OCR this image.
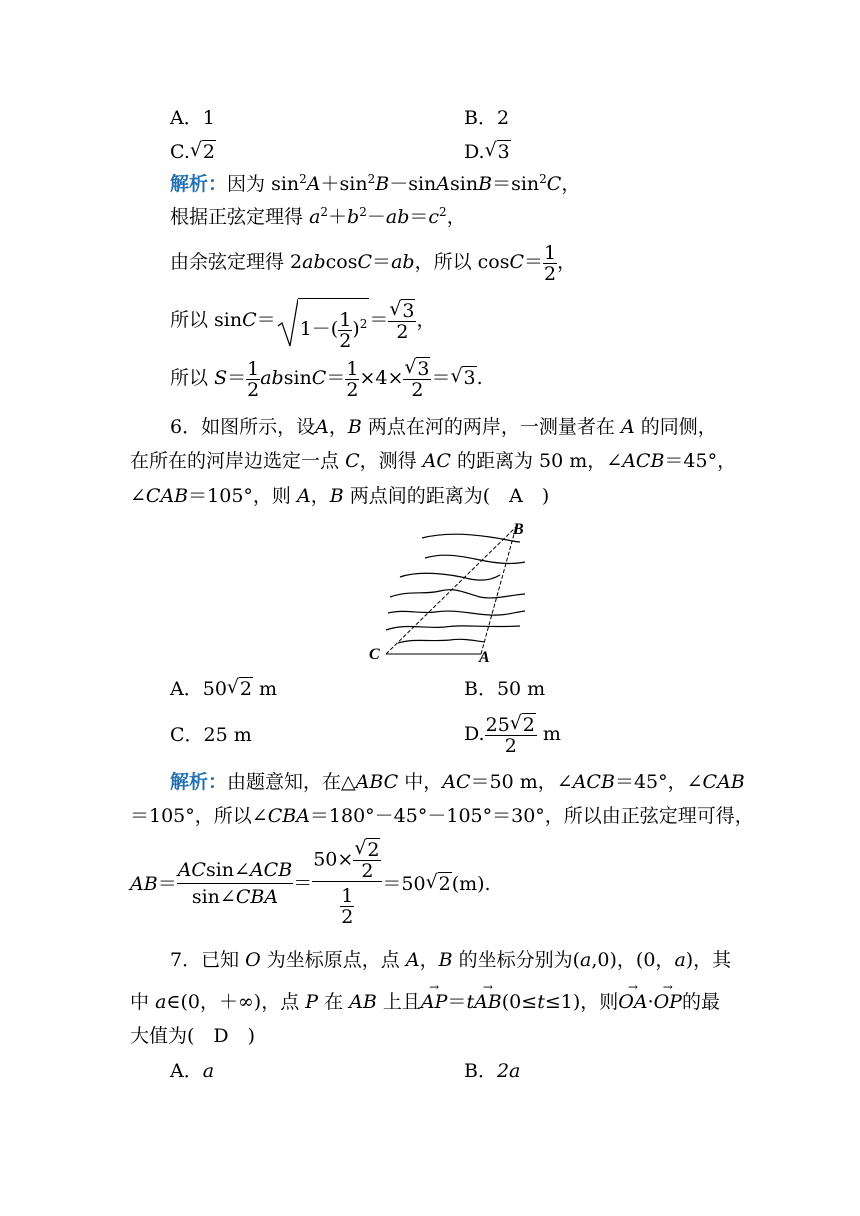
A．1	B．2
C.√ 2	D.√ 3
解析：因为 $\sin^2A+\sin^2B-sinAsinB=\sin^2C$，
根据正弦定理得 $a^2+b^2-ab=c^2$，
由余弦定理得 2abcosC＝ab，所以 $\cos C= \frac{1}{2}$ ，
所以 $\sin C= 1-( \frac{1}{2} )^2$ ＝
√ $\frac{3}{2}$ ，
所以 $S= \frac{1}{2} absinC= \frac{1}{2} \times 4\times$
√ $\frac{3}{2}$ ＝√ 3.
6．如图所示，设A，B 两点在河的两岸，一测量者在 A 的同侧，
在所在的河岸边选定一点 C，测得 AC 的距离为 50 m，∠ACB＝45°，
∠CAB＝105°，则 A，B 两点间的距离为(　A　)
B
C	A
A．50√ 2 m	B．50 m
C．25 m	D. $\frac{25√ 2}{2}$ m
解析：由题意知，在△ABC 中，AC＝50 m，∠ACB＝45°，∠CAB
＝105°，所以∠CBA＝180°－45°－105°＝30°，所以由正弦定理可得，
$AB= \frac{\text{ACsin∠ACB}}{\text{sin∠CBA}} = 50\times$
√ $\frac{2}{2}$
$\frac{1}{2} =50√$ 2(m).
7．已知 O 为坐标原点，点 A，B 的坐标分别为(a,0)，(0，a)，其
中 a∈(0，＋∞)，点 P 在 AB 上且AP →＝tAB →(0≤t≤1)，则OA →·OP →的最
大值为(　D　)
A．a	B．2a
